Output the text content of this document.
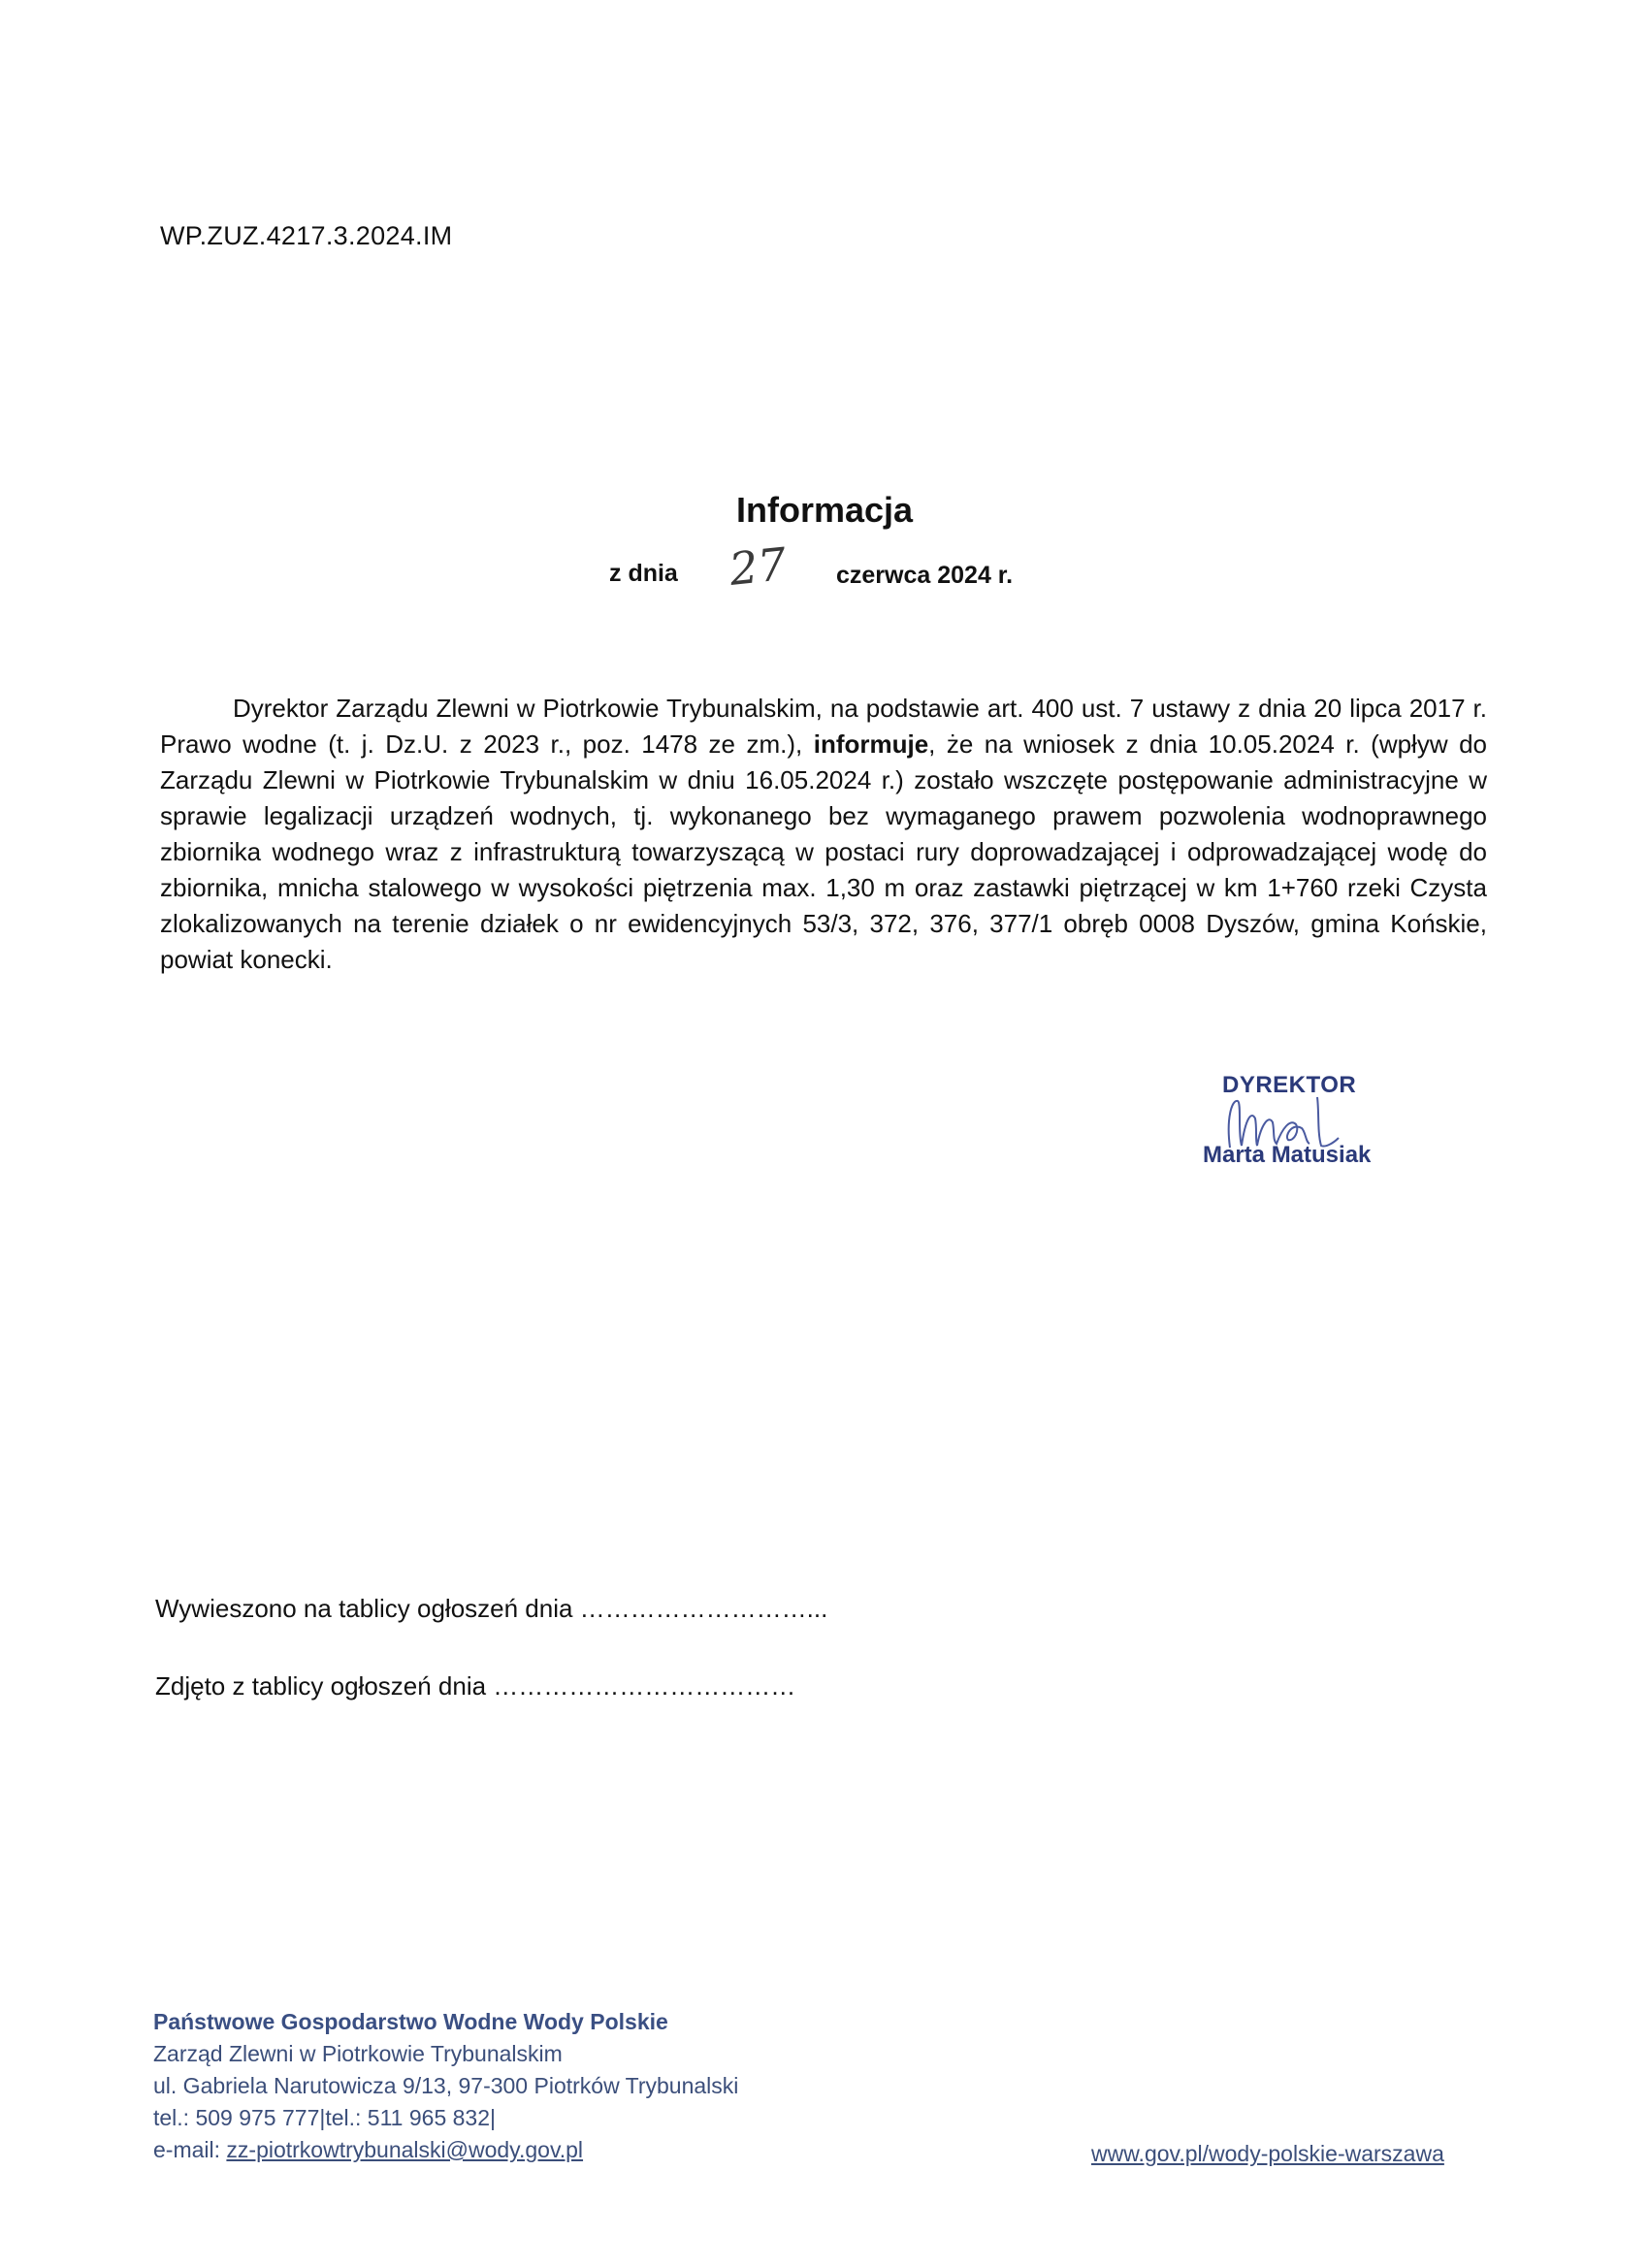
WP.ZUZ.4217.3.2024.IM
Informacja
z dnia 27 czerwca 2024 r.

Dyrektor Zarządu Zlewni w Piotrkowie Trybunalskim, na podstawie art. 400 ust. 7 ustawy z dnia 20 lipca 2017 r. Prawo wodne (t. j. Dz.U. z 2023 r., poz. 1478 ze zm.), informuje, że na wniosek z dnia 10.05.2024 r. (wpływ do Zarządu Zlewni w Piotrkowie Trybunalskim w dniu 16.05.2024 r.) zostało wszczęte postępowanie administracyjne w sprawie legalizacji urządzeń wodnych, tj. wykonanego bez wymaganego prawem pozwolenia wodnoprawnego zbiornika wodnego wraz z infrastrukturą towarzyszącą w postaci rury doprowadzającej i odprowadzającej wodę do zbiornika, mnicha stalowego w wysokości piętrzenia max. 1,30 m oraz zastawki piętrzącej w km 1+760 rzeki Czysta zlokalizowanych na terenie działek o nr ewidencyjnych 53/3, 372, 376, 377/1 obręb 0008 Dyszów, gmina Końskie, powiat konecki.

DYREKTOR
Marta Matusiak
Wywieszono na tablicy ogłoszeń dnia ………………………...
Zdjęto z tablicy ogłoszeń dnia ………………………………
Państwowe Gospodarstwo Wodne Wody Polskie
Zarząd Zlewni w Piotrkowie Trybunalskim
ul. Gabriela Narutowicza 9/13, 97-300 Piotrków Trybunalski
tel.: 509 975 777|tel.: 511 965 832|
e-mail: zz-piotrkowtrybunalski@wody.gov.pl	www.gov.pl/wody-polskie-warszawa
